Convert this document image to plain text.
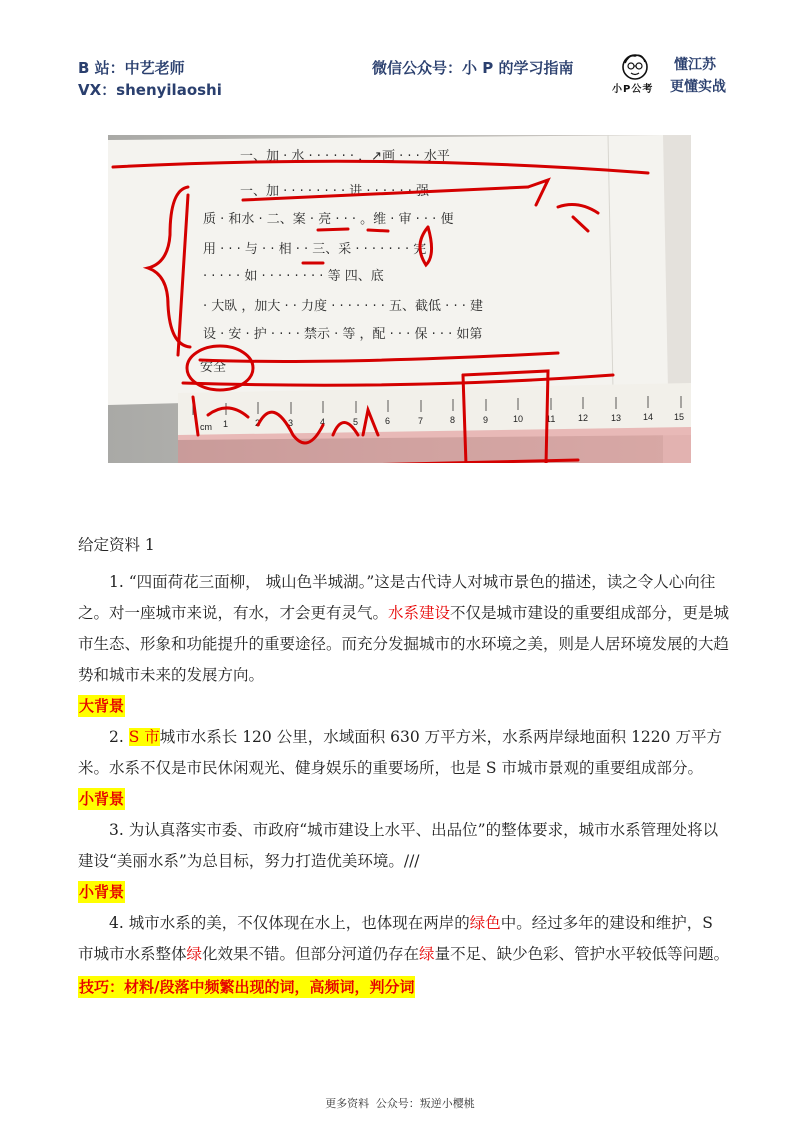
B 站：中艺老师
VX：shenyilaoshi
微信公众号：小 P 的学习指南
小P公考
懂江苏
更懂实战
cm 1	2	3	4	5	6	7	8	9	10	11	12	13 14 15
一、加 · 水 · · · · · · ，↗画 · · · 水平
一、加 · · · · · · · · 进 · · · · · · 强
质 · 和水 · 二、案 · 亮 · · · 。维 · 审 · · · 便
用 · · · 与 · · 相 · · 三、采 · · · · · · · 完
· · · · · 如 · · · · · · · · 等 四、底
· 大臥 ，加大 · · 力度 · · · · · · · 五、截低 · · · 建
设 · 安 · 护 · · · · 禁示 · 等 ，配 · · · 保 · · · 如第
安全
给定资料 1

1. “四面荷花三面柳， 城山色半城湖。”这是古代诗人对城市景色的描述，读之令人心向往之。对一座城市来说，有水，才会更有灵气。水系建设不仅是城市建设的重要组成部分，更是城市生态、形象和功能提升的重要途径。而充分发掘城市的水环境之美，则是人居环境发展的大趋势和城市未来的发展方向。

大背景

2. S 市城市水系长 120 公里，水域面积 630 万平方米，水系两岸绿地面积 1220 万平方米。水系不仅是市民休闲观光、健身娱乐的重要场所，也是 S 市城市景观的重要组成部分。

小背景

3. 为认真落实市委、市政府“城市建设上水平、出品位”的整体要求，城市水系管理处将以建设“美丽水系”为总目标，努力打造优美环境。///

小背景

4. 城市水系的美，不仅体现在水上，也体现在两岸的绿色中。经过多年的建设和维护，S 市城市水系整体绿化效果不错。但部分河道仍存在绿量不足、缺少色彩、管护水平较低等问题。

技巧：材料/段落中频繁出现的词，高频词，判分词
更多资料 公众号：叛逆小樱桃
